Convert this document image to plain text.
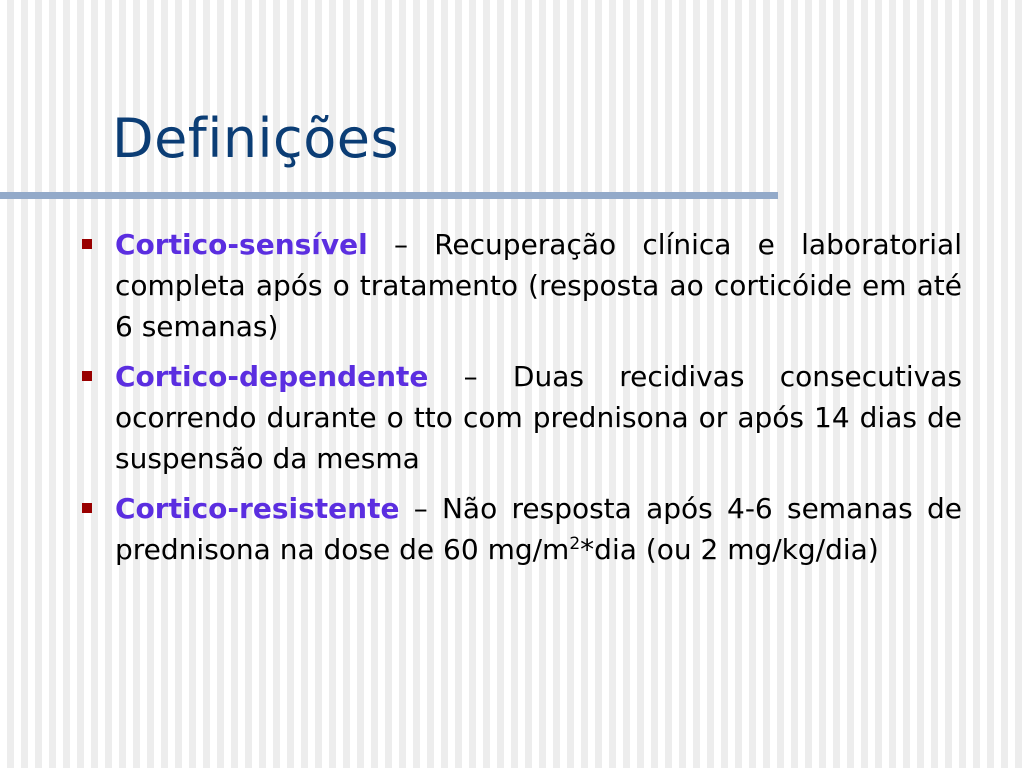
Definições
Cortico-sensível – Recuperação clínica e laboratorial completa após o tratamento (resposta ao corticóide em até 6 semanas)
Cortico-dependente – Duas recidivas consecutivas ocorrendo durante o tto com prednisona or após 14 dias de suspensão da mesma
Cortico-resistente – Não resposta após 4-6 semanas de prednisona na dose de 60 $mg/m^2*dia$ (ou 2 mg/kg/dia)
